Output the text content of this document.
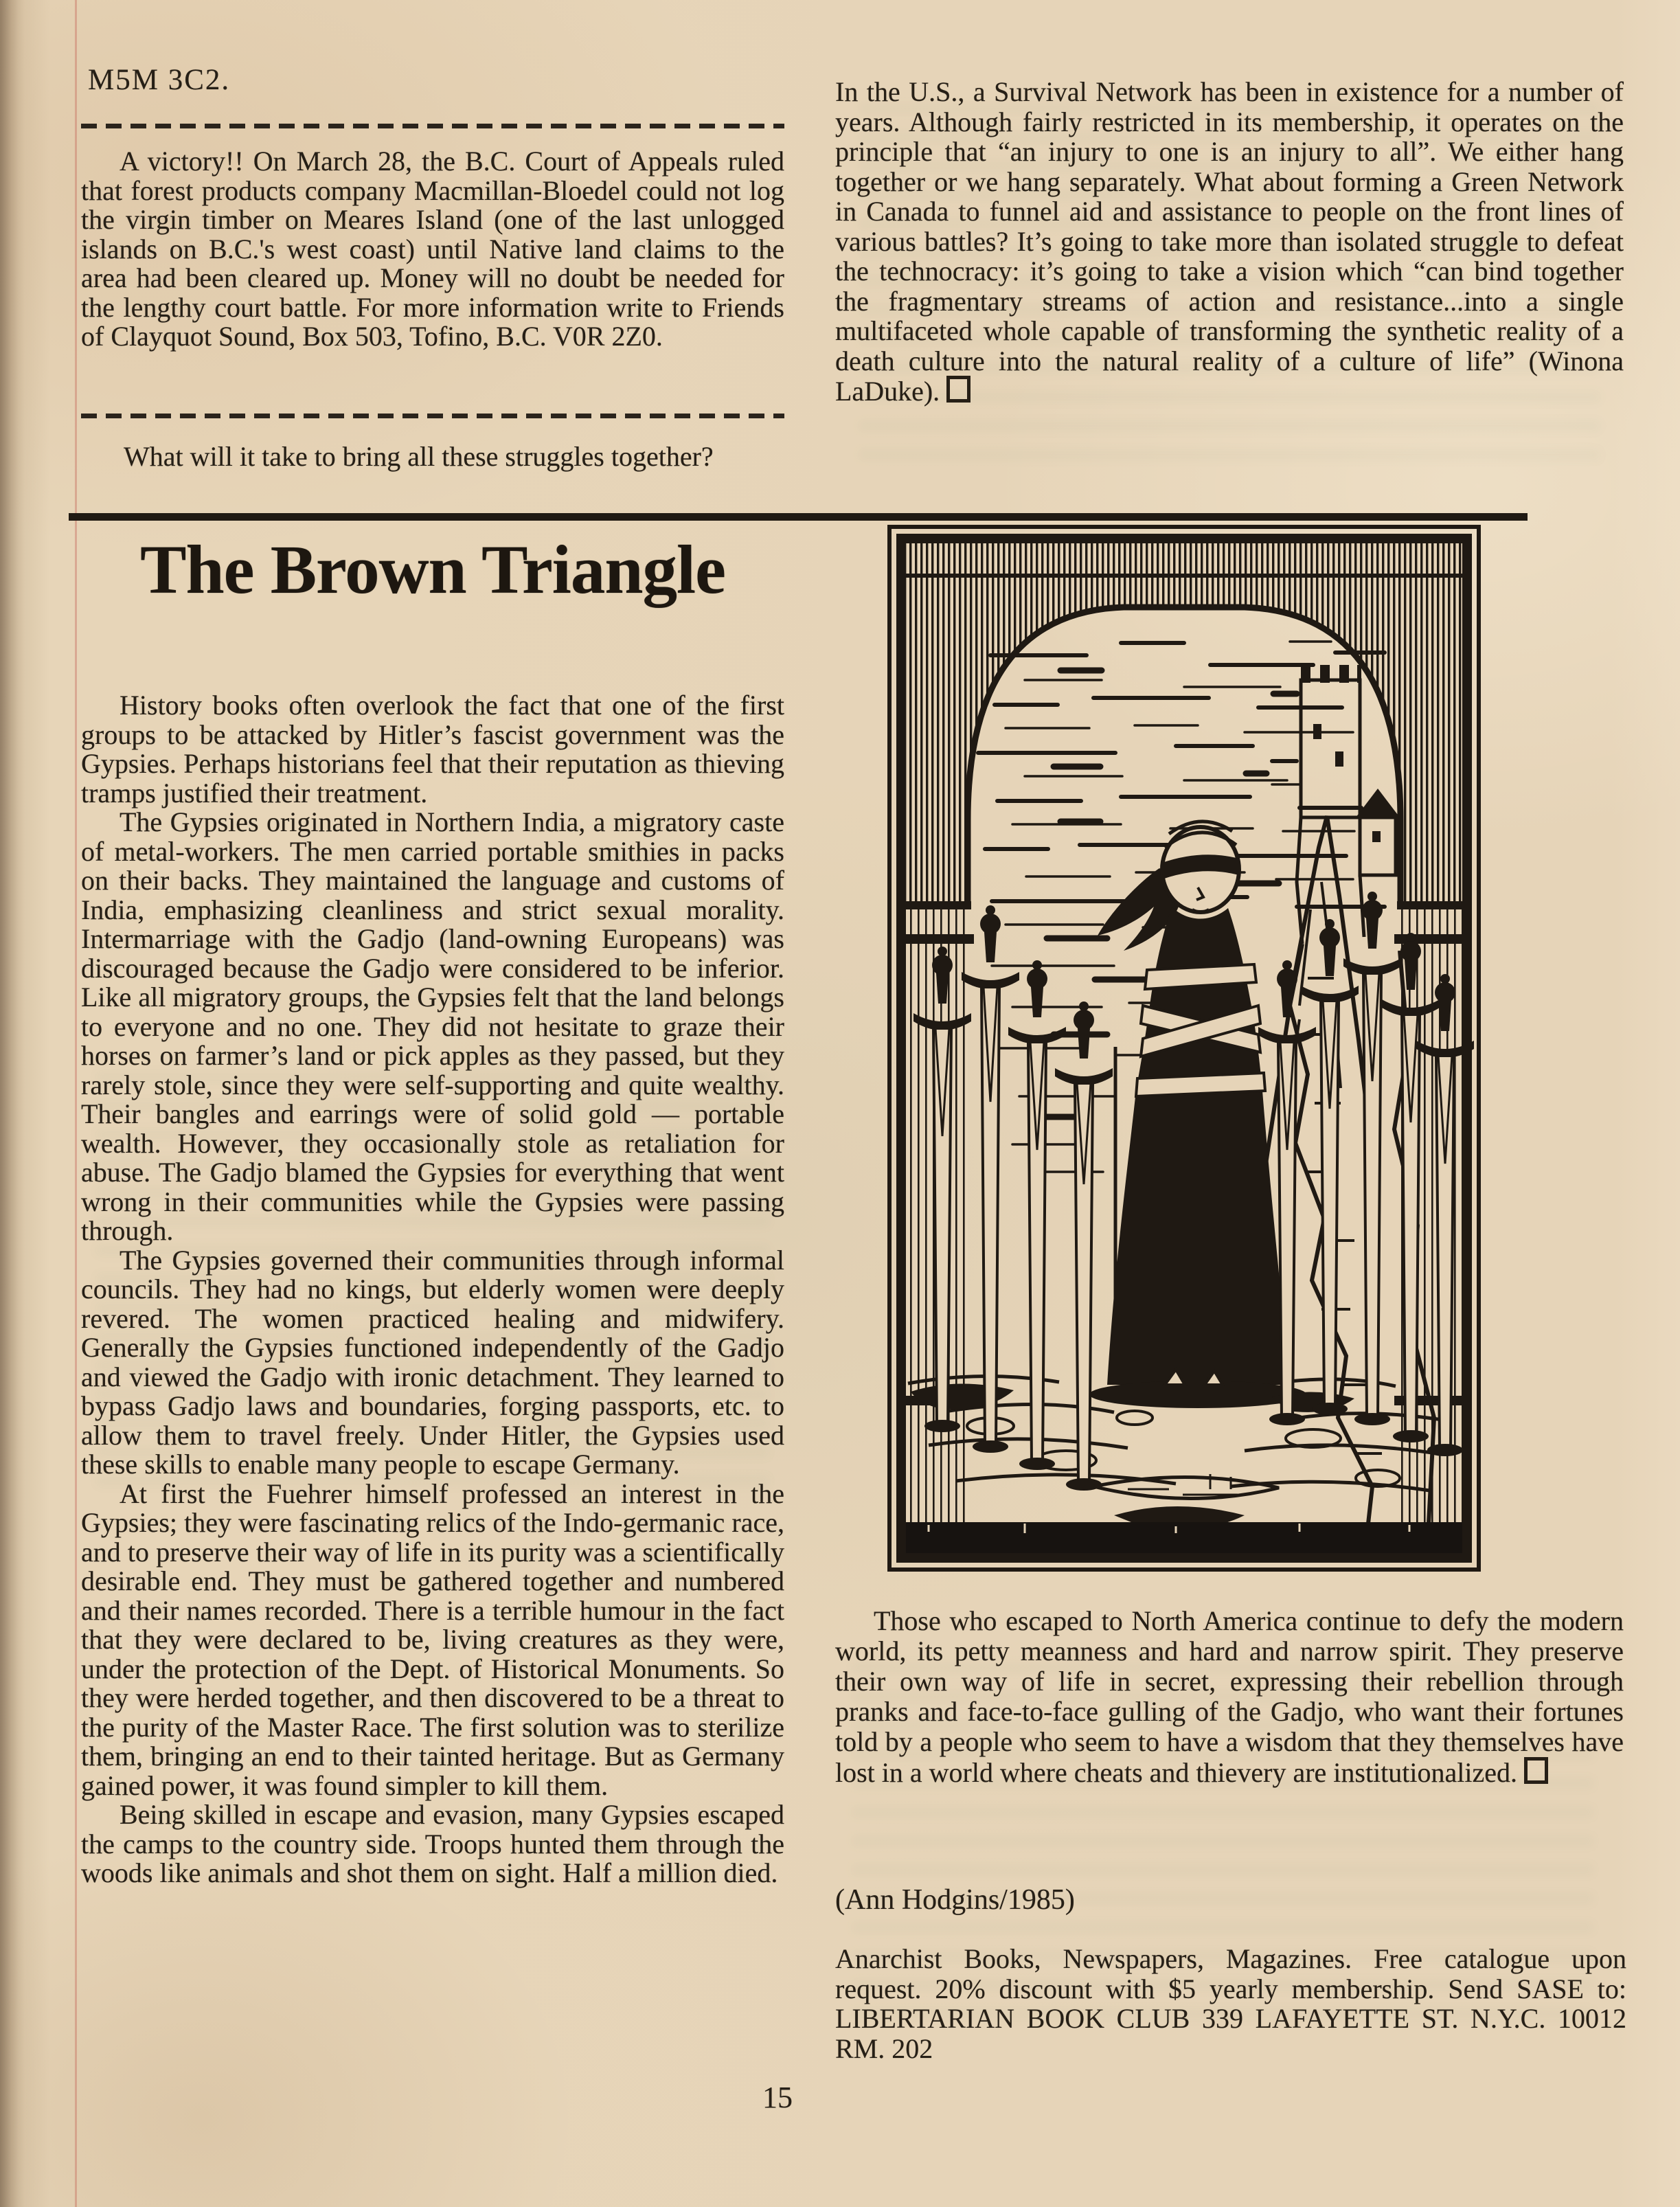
M5M 3C2.

A victory!! On March 28, the B.C. Court of Appeals ruled that forest products company Macmillan-Bloedel could not log the virgin timber on Meares Island (one of the last unlogged islands on B.C.'s west coast) until Native land claims to the area had been cleared up. Money will no doubt be needed for the lengthy court battle. For more information write to Friends of Clayquot Sound, Box 503, Tofino, B.C. V0R 2Z0.

What will it take to bring all these struggles together?

In the U.S., a Survival Network has been in existence for a number of years. Although fairly restricted in its membership, it operates on the principle that “an injury to one is an injury to all”. We either hang together or we hang separately. What about forming a Green Network in Canada to funnel aid and assistance to people on the front lines of various battles? It’s going to take more than isolated struggle to defeat the technocracy: it’s going to take a vision which “can bind together the fragmentary streams of action and resistance...into a single multifaceted whole capable of transforming the synthetic reality of a death culture into the natural reality of a culture of life” (Winona LaDuke).

The Brown Triangle

History books often overlook the fact that one of the first groups to be attacked by Hitler’s fascist government was the Gypsies. Perhaps historians feel that their reputation as thieving tramps justified their treatment.

The Gypsies originated in Northern India, a migratory caste of metal-workers. The men carried portable smithies in packs on their backs. They maintained the language and customs of India, emphasizing cleanliness and strict sexual morality. Intermarriage with the Gadjo (land-owning Europeans) was discouraged because the Gadjo were considered to be inferior. Like all migratory groups, the Gypsies felt that the land belongs to everyone and no one. They did not hesitate to graze their horses on farmer’s land or pick apples as they passed, but they rarely stole, since they were self-supporting and quite wealthy. Their bangles and earrings were of solid gold — portable wealth. However, they occasionally stole as retaliation for abuse. The Gadjo blamed the Gypsies for everything that went wrong in their communities while the Gypsies were passing through.

The Gypsies governed their communities through informal councils. They had no kings, but elderly women were deeply revered. The women practiced healing and midwifery. Generally the Gypsies functioned independently of the Gadjo and viewed the Gadjo with ironic detachment. They learned to bypass Gadjo laws and boundaries, forging passports, etc. to allow them to travel freely. Under Hitler, the Gypsies used these skills to enable many people to escape Germany.

At first the Fuehrer himself professed an interest in the Gypsies; they were fascinating relics of the Indo-germanic race, and to preserve their way of life in its purity was a scientifically desirable end. They must be gathered together and numbered and their names recorded. There is a terrible humour in the fact that they were declared to be, living creatures as they were, under the protection of the Dept. of Historical Monuments. So they were herded together, and then discovered to be a threat to the purity of the Master Race. The first solution was to sterilize them, bringing an end to their tainted heritage. But as Germany gained power, it was found simpler to kill them.

Being skilled in escape and evasion, many Gypsies escaped the camps to the country side. Troops hunted them through the woods like animals and shot them on sight. Half a million died.

Those who escaped to North America continue to defy the modern world, its petty meanness and hard and narrow spirit. They preserve their own way of life in secret, expressing their rebellion through pranks and face-to-face gulling of the Gadjo, who want their fortunes told by a people who seem to have a wisdom that they themselves have lost in a world where cheats and thievery are institutionalized.

(Ann Hodgins/1985)

Anarchist Books, Newspapers, Magazines. Free catalogue upon request. 20% discount with $5 yearly membership. Send SASE to: LIBERTARIAN BOOK CLUB 339 LAFAYETTE ST. N.Y.C. 10012 RM. 202

15
